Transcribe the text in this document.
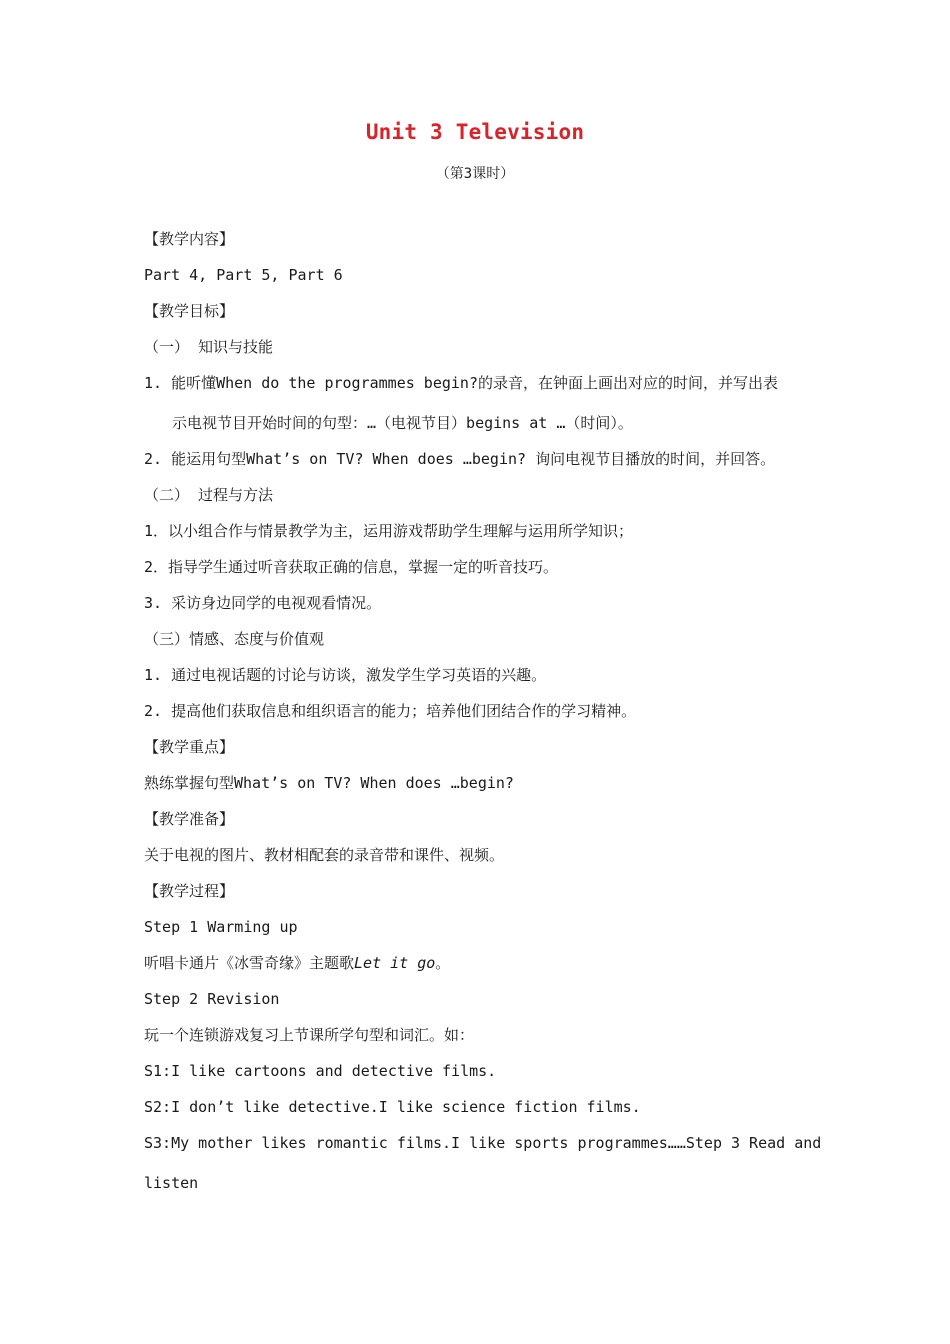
Unit 3 Television
（第3课时）
【教学内容】
Part 4, Part 5, Part 6
【教学目标】
（一） 知识与技能
1. 能听懂When do the programmes begin?的录音，在钟面上画出对应的时间，并写出表
示电视节目开始时间的句型：…（电视节目）begins at …（时间）。
2. 能运用句型What’s on TV? When does …begin? 询问电视节目播放的时间，并回答。
（二） 过程与方法
1．以小组合作与情景教学为主，运用游戏帮助学生理解与运用所学知识；
2．指导学生通过听音获取正确的信息，掌握一定的听音技巧。
3. 采访身边同学的电视观看情况。
（三）情感、态度与价值观
1. 通过电视话题的讨论与访谈，激发学生学习英语的兴趣。
2. 提高他们获取信息和组织语言的能力；培养他们团结合作的学习精神。
【教学重点】
熟练掌握句型What’s on TV? When does …begin?
【教学准备】
关于电视的图片、教材相配套的录音带和课件、视频。
【教学过程】
Step 1 Warming up
听唱卡通片《冰雪奇缘》主题歌Let it go。
Step 2 Revision
玩一个连锁游戏复习上节课所学句型和词汇。如：
S1:I like cartoons and detective films.
S2:I don’t like detective.I like science fiction films.
S3:My mother likes romantic films.I like sports programmes……Step 3 Read and
listen
